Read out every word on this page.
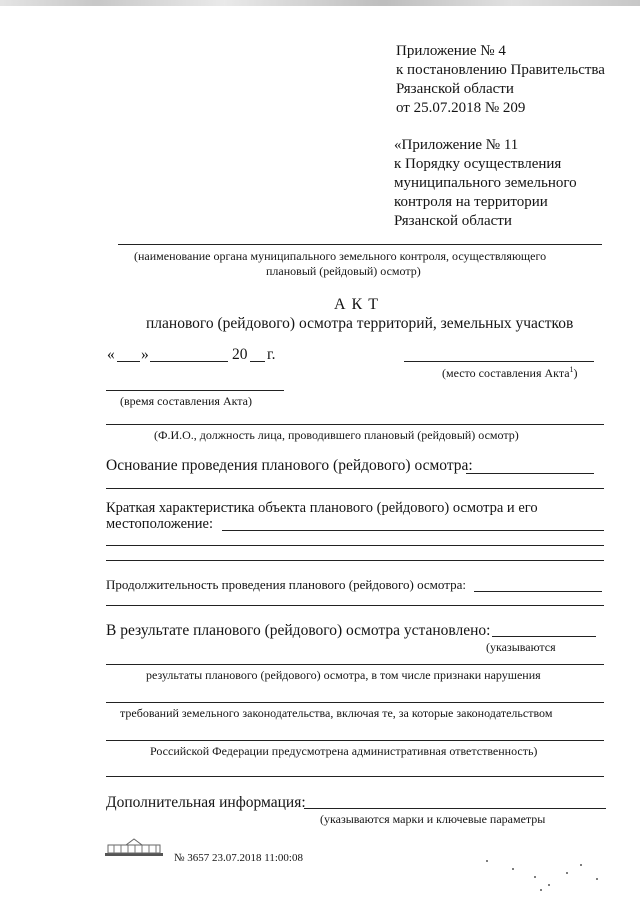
Приложение № 4
к постановлению Правительства
Рязанской области
от 25.07.2018 № 209
«Приложение № 11
к Порядку осуществления
муниципального земельного
контроля на территории
Рязанской области
(наименование органа муниципального земельного контроля, осуществляющего
плановый (рейдовый) осмотр)
А К Т
планового (рейдового) осмотра территорий, земельных участков
« »	20 г.
(место составления Акта$^1$)
(время составления Акта)
(Ф.И.О., должность лица, проводившего плановый (рейдовый) осмотр)
Основание проведения планового (рейдового) осмотра:
Краткая характеристика объекта планового (рейдового) осмотра и его
местоположение:
Продолжительность проведения планового (рейдового) осмотра:
В результате планового (рейдового) осмотра установлено:
(указываются
результаты планового (рейдового) осмотра, в том числе признаки нарушения
требований земельного законодательства, включая те, за которые законодательством
Российской Федерации предусмотрена административная ответственность)
Дополнительная информация:
(указываются марки и ключевые параметры
№ 3657 23.07.2018 11:00:08
